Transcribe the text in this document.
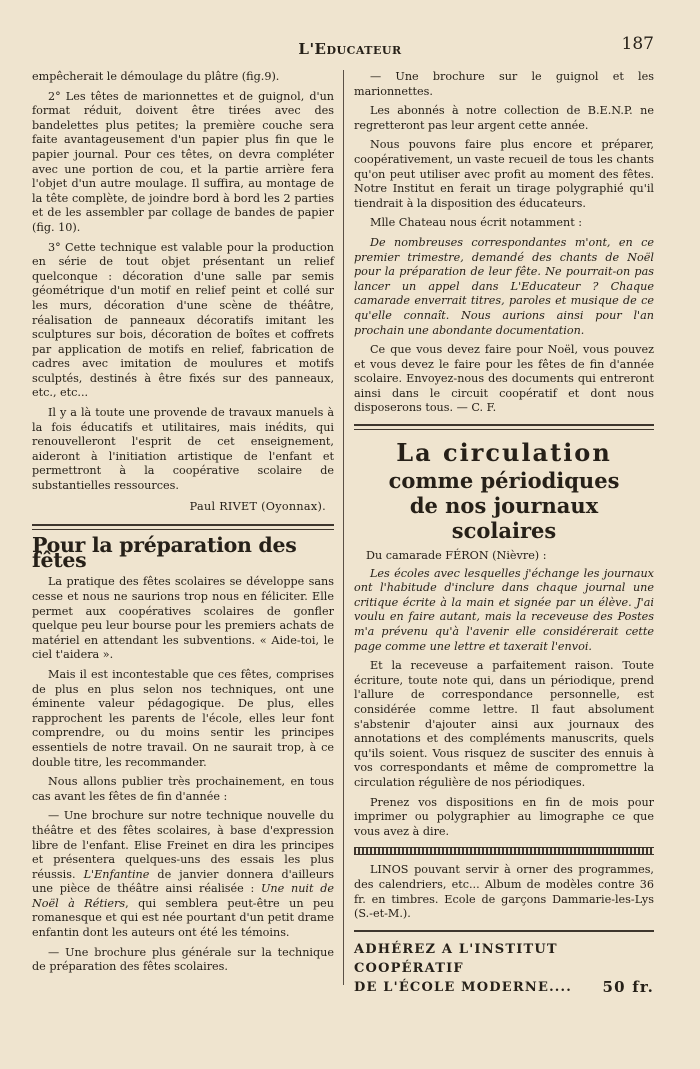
L'Educateur	187

empêcherait le démoulage du plâtre (fig.9).

2° Les têtes de marionnettes et de guignol, d'un format réduit, doivent être tirées avec des bandelettes plus petites; la première couche sera faite avantageusement d'un papier plus fin que le papier journal. Pour ces têtes, on devra compléter avec une portion de cou, et la partie arrière fera l'objet d'un autre moulage. Il suffira, au montage de la tête complète, de joindre bord à bord les 2 parties et de les assembler par collage de bandes de papier (fig. 10).

3° Cette technique est valable pour la production en série de tout objet présentant un relief quelconque : décoration d'une salle par semis géométrique d'un motif en relief peint et collé sur les murs, décoration d'une scène de théâtre, réalisation de panneaux décoratifs imitant les sculptures sur bois, décoration de boîtes et coffrets par application de motifs en relief, fabrication de cadres avec imitation de moulures et motifs sculptés, destinés à être fixés sur des panneaux, etc., etc...

Il y a là toute une provende de travaux manuels à la fois éducatifs et utilitaires, mais inédits, qui renouvelleront l'esprit de cet enseignement, aideront à l'initiation artistique de l'enfant et permettront à la coopérative scolaire de substantielles ressources.

Paul RIVET (Oyonnax).

Pour la préparation des fêtes

La pratique des fêtes scolaires se développe sans cesse et nous ne saurions trop nous en féliciter. Elle permet aux coopératives scolaires de gonfler quelque peu leur bourse pour les premiers achats de matériel en attendant les subventions. « Aide-toi, le ciel t'aidera ».

Mais il est incontestable que ces fêtes, comprises de plus en plus selon nos techniques, ont une éminente valeur pédagogique. De plus, elles rapprochent les parents de l'école, elles leur font comprendre, ou du moins sentir les principes essentiels de notre travail. On ne saurait trop, à ce double titre, les recommander.

Nous allons publier très prochainement, en tous cas avant les fêtes de fin d'année :

— Une brochure sur notre technique nouvelle du théâtre et des fêtes scolaires, à base d'expression libre de l'enfant. Elise Freinet en dira les principes et présentera quelques-uns des essais les plus réussis. L'Enfantine de janvier donnera d'ailleurs une pièce de théâtre ainsi réalisée : Une nuit de Noël à Rétiers, qui semblera peut-être un peu romanesque et qui est née pourtant d'un petit drame enfantin dont les auteurs ont été les témoins.

— Une brochure plus générale sur la technique de préparation des fêtes scolaires.

— Une brochure sur le guignol et les marionnettes.

Les abonnés à notre collection de B.E.N.P. ne regretteront pas leur argent cette année.

Nous pouvons faire plus encore et préparer, coopérativement, un vaste recueil de tous les chants qu'on peut utiliser avec profit au moment des fêtes. Notre Institut en ferait un tirage polygraphié qu'il tiendrait à la disposition des éducateurs.

Mlle Chateau nous écrit notamment :

De nombreuses correspondantes m'ont, en ce premier trimestre, demandé des chants de Noël pour la préparation de leur fête. Ne pourrait-on pas lancer un appel dans L'Educateur ? Chaque camarade enverrait titres, paroles et musique de ce qu'elle connaît. Nous aurions ainsi pour l'an prochain une abondante documentation.

Ce que vous devez faire pour Noël, vous pouvez et vous devez le faire pour les fêtes de fin d'année scolaire. Envoyez-nous des documents qui entreront ainsi dans le circuit coopératif et dont nous disposerons tous. — C. F.

La circulation
comme périodiques
de nos journaux scolaires

Du camarade FÉRON (Nièvre) :

Les écoles avec lesquelles j'échange les journaux ont l'habitude d'inclure dans chaque journal une critique écrite à la main et signée par un élève. J'ai voulu en faire autant, mais la receveuse des Postes m'a prévenu qu'à l'avenir elle considérerait cette page comme une lettre et taxerait l'envoi.

Et la receveuse a parfaitement raison. Toute écriture, toute note qui, dans un périodique, prend l'allure de correspondance personnelle, est considérée comme lettre. Il faut absolument s'abstenir d'ajouter ainsi aux journaux des annotations et des compléments manuscrits, quels qu'ils soient. Vous risquez de susciter des ennuis à vos correspondants et même de compromettre la circulation régulière de nos périodiques.

Prenez vos dispositions en fin de mois pour imprimer ou polygraphier au limographe ce que vous avez à dire.

LINOS pouvant servir à orner des programmes, des calendriers, etc... Album de modèles contre 36 fr. en timbres. Ecole de garçons Dammarie-les-Lys (S.-et-M.).

ADHÉREZ A L'INSTITUT COOPÉRATIF
DE L'ÉCOLE MODERNE.... 50 fr.
